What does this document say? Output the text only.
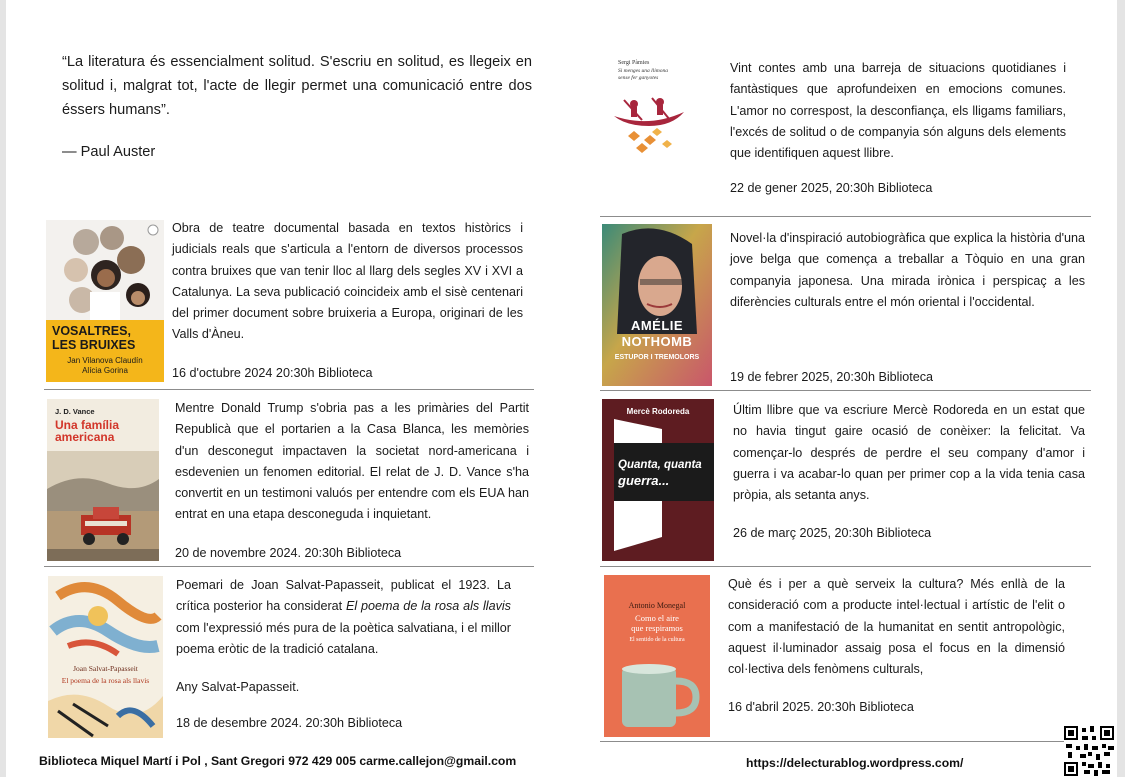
“La literatura és essencialment solitud. S'escriu en solitud, es llegeix en solitud i, malgrat tot, l'acte de llegir permet una comunicació entre dos éssers humans”.
— Paul Auster
VOSALTRES,
LES BRUIXES
Jan Vilanova Claudín
Alícia Gorina
Obra de teatre documental basada en textos històrics i judicials reals que s'articula a l'entorn de diversos processos contra bruixes que van tenir lloc al llarg dels segles XV i XVI a Catalunya. La seva publicació coincideix amb el sisè centenari del primer document sobre bruixeria a Europa, originari de les Valls d'Àneu.
16 d'octubre 2024 20:30h Biblioteca
J. D. Vance
Una família
americana
Mentre Donald Trump s'obria pas a les primàries del Partit Republicà que el portarien a la Casa Blanca, les memòries d'un desconegut impactaven la societat nord-americana i esdevenien un fenomen editorial. El relat de J. D. Vance s'ha convertit en un testimoni valuós per entendre com els EUA han entrat en una etapa desconeguda i inquietant.
20 de novembre 2024. 20:30h Biblioteca
Joan Salvat-Papasseit
El poema de la rosa als llavis
Poemari de Joan Salvat-Papasseit, publicat el 1923. La crítica posterior ha considerat El poema de la rosa als llavis com l'expressió més pura de la poètica salvatiana, i el millor poema eròtic de la tradició catalana.
Any Salvat-Papasseit.
18 de desembre 2024. 20:30h Biblioteca
Sergi Pàmies
Si menges una llimona
sense fer ganyotes
Vint contes amb una barreja de situacions quotidianes i fantàstiques que aprofundeixen en emocions comunes. L'amor no correspost, la desconfiança, els lligams familiars, l'excés de solitud o de companyia són alguns dels elements que identifiquen aquest llibre.
22 de gener 2025, 20:30h Biblioteca
AMÉLIE
NOTHOMB
ESTUPOR I TREMOLORS
Novel·la d'inspiració autobiogràfica que explica la història d'una jove belga que comença a treballar a Tòquio en una gran companyia japonesa. Una mirada irònica i perspicaç a les diferències culturals entre el món oriental i l'occidental.
19 de febrer 2025, 20:30h Biblioteca
Mercè Rodoreda
Quanta, quanta
guerra...
Últim llibre que va escriure Mercè Rodoreda en un estat que no havia tingut gaire ocasió de conèixer: la felicitat. Va començar-lo després de perdre el seu company d'amor i guerra i va acabar-lo quan per primer cop a la vida tenia casa pròpia, als setanta anys.
26 de març 2025, 20:30h Biblioteca
Antonio Monegal
Como el aire
que respiramos
El sentido de la cultura
Què és i per a què serveix la cultura? Més enllà de la consideració com a producte intel·lectual i artístic de l'elit o com a manifestació de la humanitat en sentit antropològic, aquest il·luminador assaig posa el focus en la dimensió col·lectiva dels fenòmens culturals,
16 d'abril 2025. 20:30h Biblioteca
Biblioteca Miquel Martí i Pol , Sant Gregori 972 429 005 carme.callejon@gmail.com	https://delecturablog.wordpress.com/
